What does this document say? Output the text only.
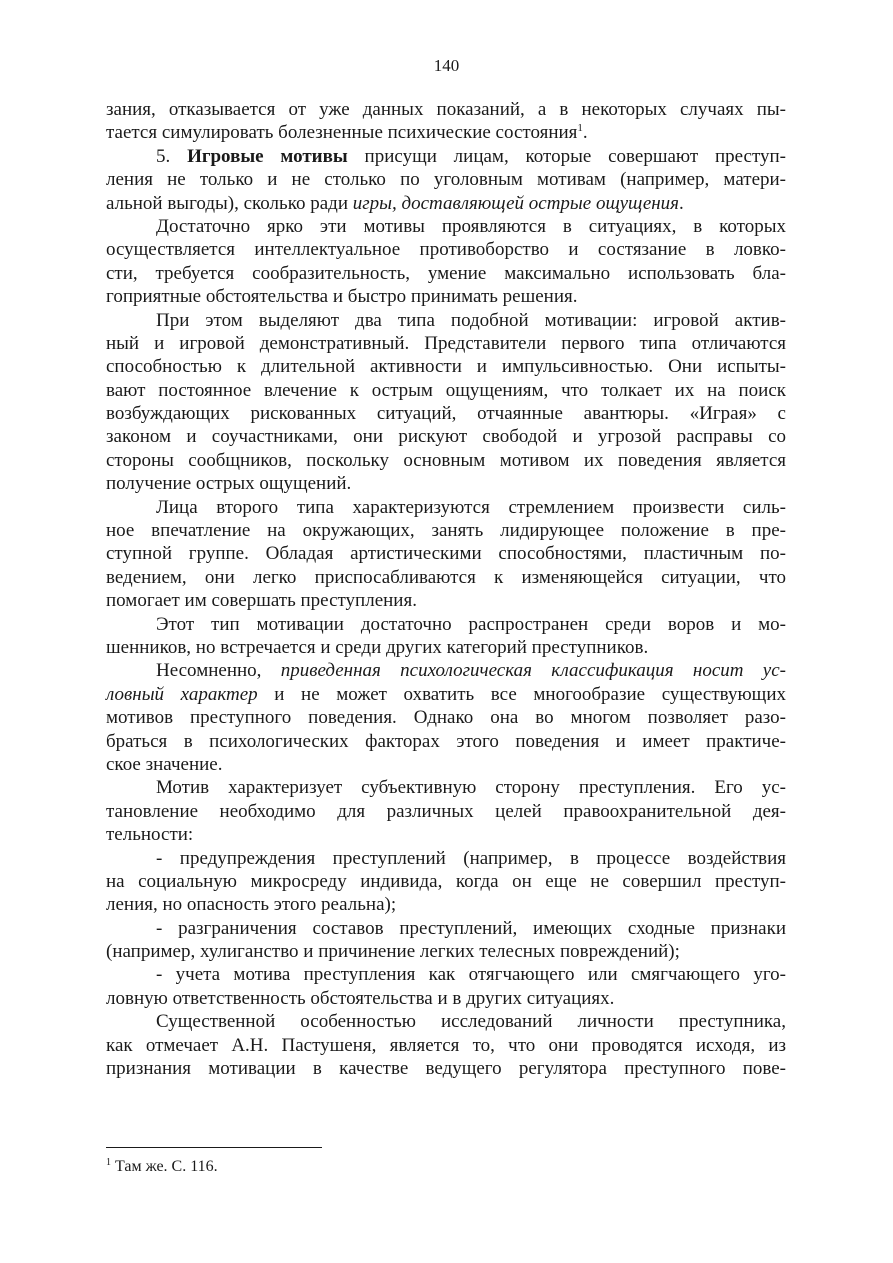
140
зания, отказывается от уже данных показаний, а в некоторых случаях пы-
тается симулировать болезненные психические состояния$^1$.
5. Игровые мотивы присущи лицам, которые совершают преступ-
ления не только и не столько по уголовным мотивам (например, матери-
альной выгоды), сколько ради игры, доставляющей острые ощущения.
Достаточно ярко эти мотивы проявляются в ситуациях, в которых
осуществляется интеллектуальное противоборство и состязание в ловко-
сти, требуется сообразительность, умение максимально использовать бла-
гоприятные обстоятельства и быстро принимать решения.
При этом выделяют два типа подобной мотивации: игровой актив-
ный и игровой демонстративный. Представители первого типа отличаются
способностью к длительной активности и импульсивностью. Они испыты-
вают постоянное влечение к острым ощущениям, что толкает их на поиск
возбуждающих рискованных ситуаций, отчаянные авантюры. «Играя» с
законом и соучастниками, они рискуют свободой и угрозой расправы со
стороны сообщников, поскольку основным мотивом их поведения является
получение острых ощущений.
Лица второго типа характеризуются стремлением произвести силь-
ное впечатление на окружающих, занять лидирующее положение в пре-
ступной группе. Обладая артистическими способностями, пластичным по-
ведением, они легко приспосабливаются к изменяющейся ситуации, что
помогает им совершать преступления.
Этот тип мотивации достаточно распространен среди воров и мо-
шенников, но встречается и среди других категорий преступников.
Несомненно, приведенная психологическая классификация носит ус-
ловный характер и не может охватить все многообразие существующих
мотивов преступного поведения. Однако она во многом позволяет разо-
браться в психологических факторах этого поведения и имеет практиче-
ское значение.
Мотив характеризует субъективную сторону преступления. Его ус-
тановление необходимо для различных целей правоохранительной дея-
тельности:
- предупреждения преступлений (например, в процессе воздействия
на социальную микросреду индивида, когда он еще не совершил преступ-
ления, но опасность этого реальна);
- разграничения составов преступлений, имеющих сходные признаки
(например, хулиганство и причинение легких телесных повреждений);
- учета мотива преступления как отягчающего или смягчающего уго-
ловную ответственность обстоятельства и в других ситуациях.
Существенной особенностью исследований личности преступника,
как отмечает А.Н. Пастушеня, является то, что они проводятся исходя, из
признания мотивации в качестве ведущего регулятора преступного пове-
$^1$ Там же. С. 116.
